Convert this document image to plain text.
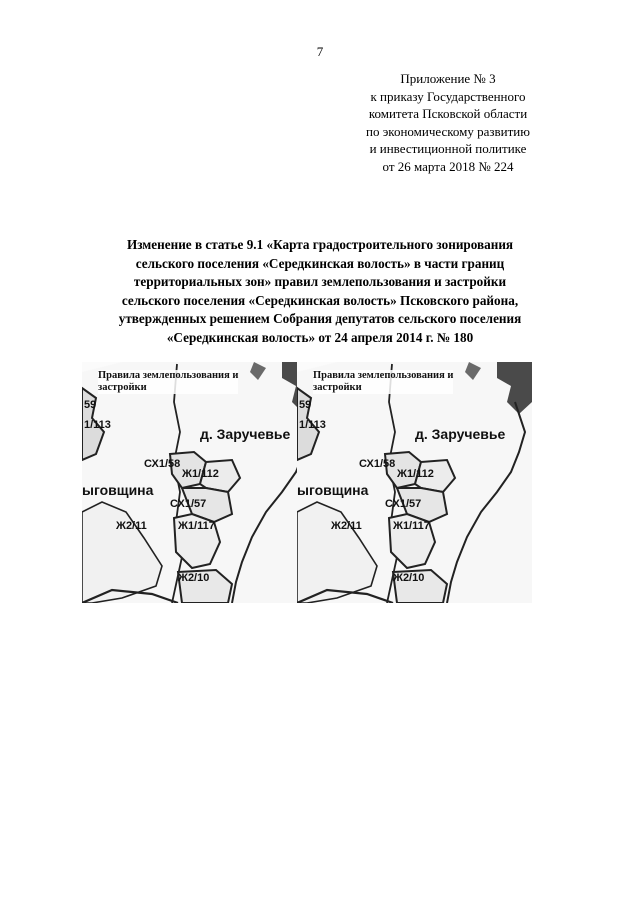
7
Приложение № 3
к приказу Государственного
комитета Псковской области
по экономическому развитию
и инвестиционной политике
от 26 марта 2018 № 224
Изменение в статье 9.1 «Карта градостроительного зонирования
сельского поселения «Середкинская волость» в части границ
территориальных зон» правил землепользования и застройки
сельского поселения «Середкинская волость» Псковского района,
утвержденных решением Собрания депутатов сельского поселения
«Середкинская волость» от 24 апреля 2014 г. № 180
Правила землепользования и
застройки
59
1/113
д. Заручевье
СХ1/58
Ж1/112
ыговщина
СХ1/57
Ж2/11	Ж1/117
Ж2/10
Правила землепользования и
застройки
59
1/113
д. Заручевье
СХ1/58
Ж1/112
ыговщина
СХ1/57
Ж2/11	Ж1/117
Ж2/10
